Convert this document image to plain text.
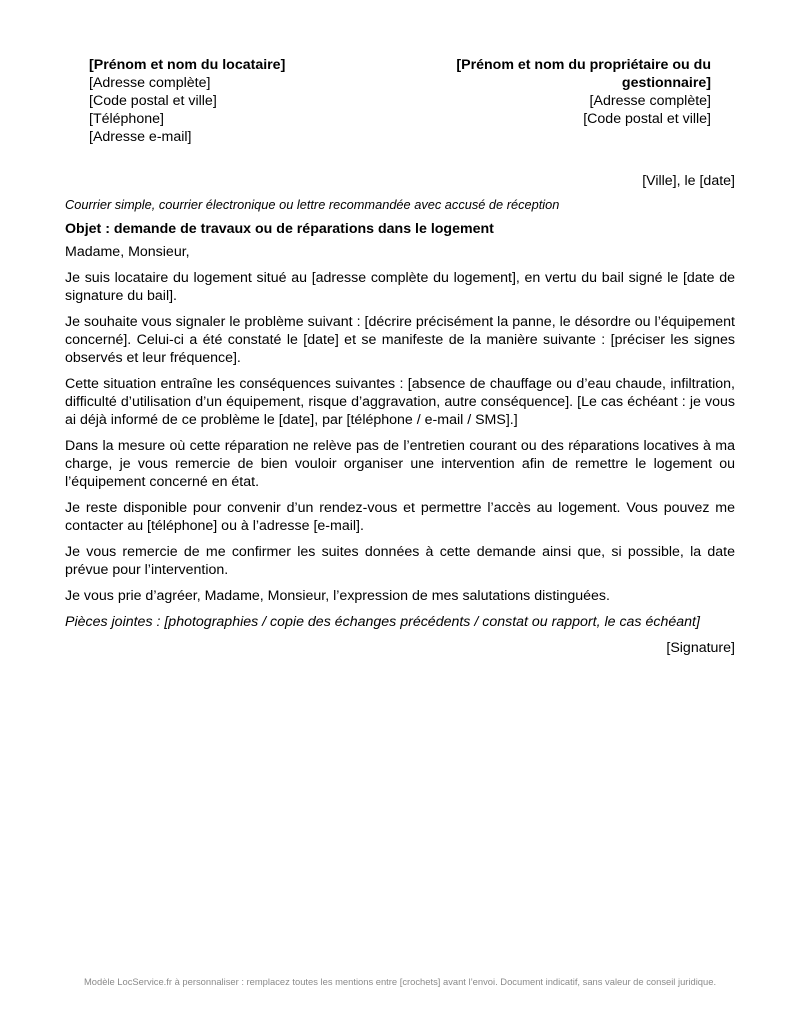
[Prénom et nom du locataire]
[Adresse complète]
[Code postal et ville]
[Téléphone]
[Adresse e-mail]
[Prénom et nom du propriétaire ou du
gestionnaire]
[Adresse complète]
[Code postal et ville]
[Ville], le [date]
Courrier simple, courrier électronique ou lettre recommandée avec accusé de réception
Objet : demande de travaux ou de réparations dans le logement

Madame, Monsieur,

Je suis locataire du logement situé au [adresse complète du logement], en vertu du bail signé le [date de signature du bail].

Je souhaite vous signaler le problème suivant : [décrire précisément la panne, le désordre ou l’équipement concerné]. Celui-ci a été constaté le [date] et se manifeste de la manière suivante : [préciser les signes observés et leur fréquence].

Cette situation entraîne les conséquences suivantes : [absence de chauffage ou d’eau chaude, infiltration, difficulté d’utilisation d’un équipement, risque d’aggravation, autre conséquence]. [Le cas échéant : je vous ai déjà informé de ce problème le [date], par [téléphone / e-mail / SMS].]

Dans la mesure où cette réparation ne relève pas de l’entretien courant ou des réparations locatives à ma charge, je vous remercie de bien vouloir organiser une intervention afin de remettre le logement ou l’équipement concerné en état.

Je reste disponible pour convenir d’un rendez-vous et permettre l’accès au logement. Vous pouvez me contacter au [téléphone] ou à l’adresse [e-mail].

Je vous remercie de me confirmer les suites données à cette demande ainsi que, si possible, la date prévue pour l’intervention.

Je vous prie d’agréer, Madame, Monsieur, l’expression de mes salutations distinguées.

Pièces jointes : [photographies / copie des échanges précédents / constat ou rapport, le cas échéant]

[Signature]

Modèle LocService.fr à personnaliser : remplacez toutes les mentions entre [crochets] avant l’envoi. Document indicatif, sans valeur de conseil juridique.
